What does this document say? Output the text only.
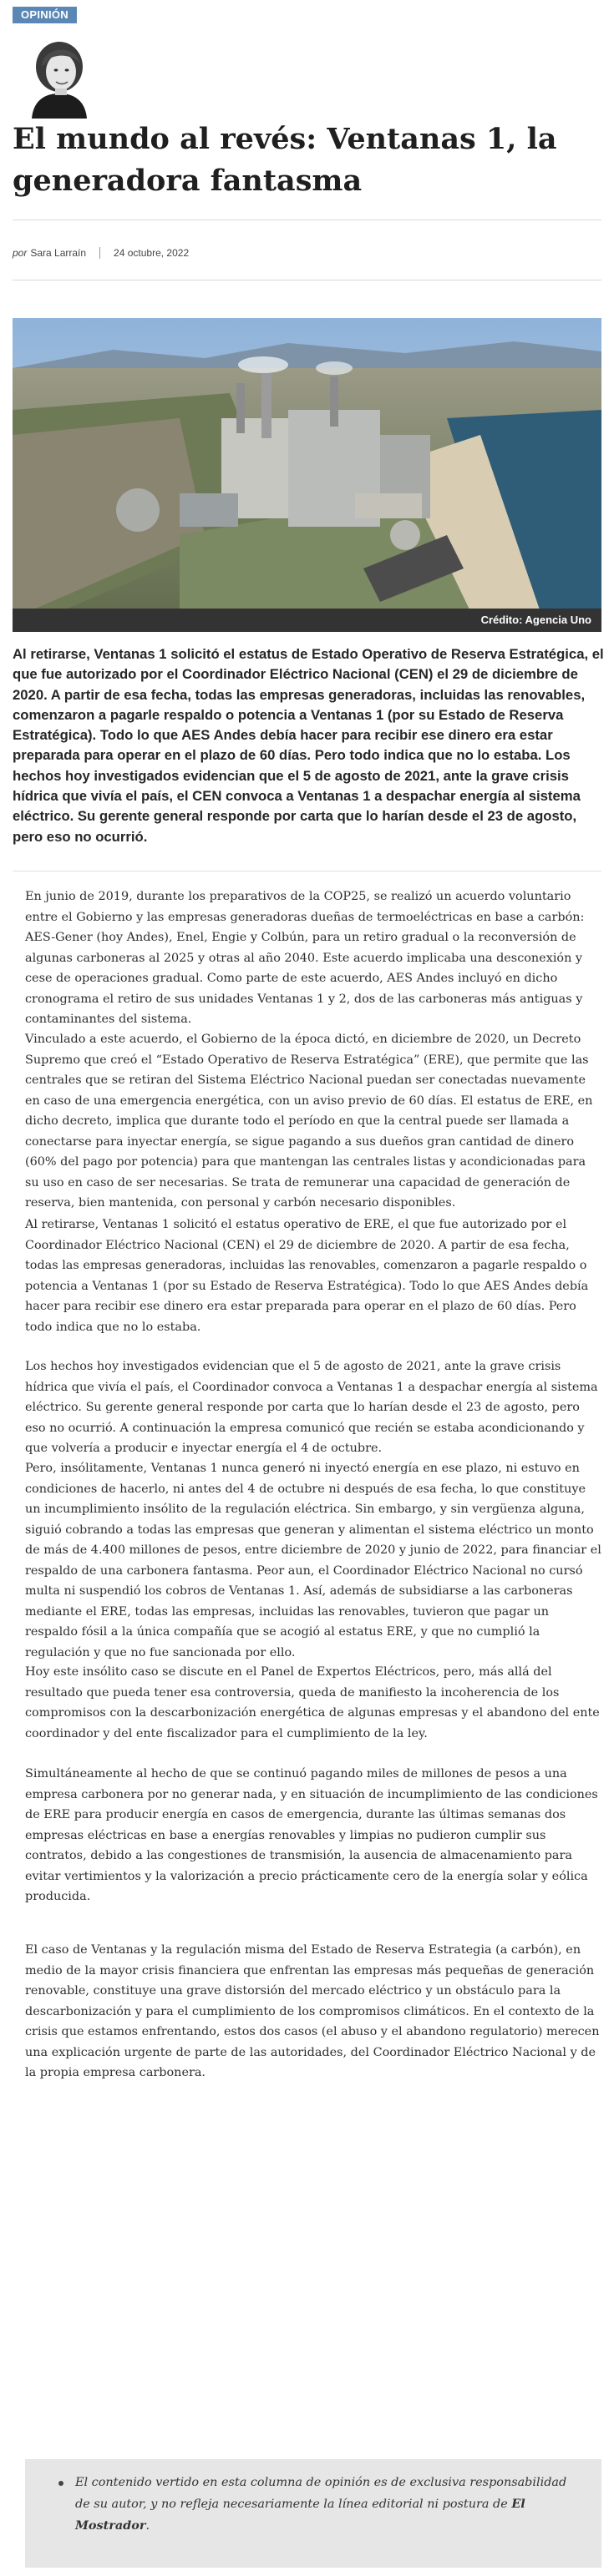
OPINIÓN
El mundo al revés: Ventanas 1, la generadora fantasma
por Sara Larraín	24 octubre, 2022
Crédito: Agencia Uno

Al retirarse, Ventanas 1 solicitó el estatus de Estado Operativo de Reserva Estratégica, el que fue autorizado por el Coordinador Eléctrico Nacional (CEN) el 29 de diciembre de 2020. A partir de esa fecha, todas las empresas generadoras, incluidas las renovables, comenzaron a pagarle respaldo o potencia a Ventanas 1 (por su Estado de Reserva Estratégica). Todo lo que AES Andes debía hacer para recibir ese dinero era estar preparada para operar en el plazo de 60 días. Pero todo indica que no lo estaba. Los hechos hoy investigados evidencian que el 5 de agosto de 2021, ante la grave crisis hídrica que vivía el país, el CEN convoca a Ventanas 1 a despachar energía al sistema eléctrico. Su gerente general responde por carta que lo harían desde el 23 de agosto, pero eso no ocurrió.

En junio de 2019, durante los preparativos de la COP25, se realizó un acuerdo voluntario entre el Gobierno y las empresas generadoras dueñas de termoeléctricas en base a carbón: AES-Gener (hoy Andes), Enel, Engie y Colbún, para un retiro gradual o la reconversión de algunas carboneras al 2025 y otras al año 2040. Este acuerdo implicaba una desconexión y cese de operaciones gradual. Como parte de este acuerdo, AES Andes incluyó en dicho cronograma el retiro de sus unidades Ventanas 1 y 2, dos de las carboneras más antiguas y contaminantes del sistema.

Vinculado a este acuerdo, el Gobierno de la época dictó, en diciembre de 2020, un Decreto Supremo que creó el “Estado Operativo de Reserva Estratégica” (ERE), que permite que las centrales que se retiran del Sistema Eléctrico Nacional puedan ser conectadas nuevamente en caso de una emergencia energética, con un aviso previo de 60 días. El estatus de ERE, en dicho decreto, implica que durante todo el período en que la central puede ser llamada a conectarse para inyectar energía, se sigue pagando a sus dueños gran cantidad de dinero (60% del pago por potencia) para que mantengan las centrales listas y acondicionadas para su uso en caso de ser necesarias. Se trata de remunerar una capacidad de generación de reserva, bien mantenida, con personal y carbón necesario disponibles.

Al retirarse, Ventanas 1 solicitó el estatus operativo de ERE, el que fue autorizado por el Coordinador Eléctrico Nacional (CEN) el 29 de diciembre de 2020. A partir de esa fecha, todas las empresas generadoras, incluidas las renovables, comenzaron a pagarle respaldo o potencia a Ventanas 1 (por su Estado de Reserva Estratégica). Todo lo que AES Andes debía hacer para recibir ese dinero era estar preparada para operar en el plazo de 60 días. Pero todo indica que no lo estaba.

Los hechos hoy investigados evidencian que el 5 de agosto de 2021, ante la grave crisis hídrica que vivía el país, el Coordinador convoca a Ventanas 1 a despachar energía al sistema eléctrico. Su gerente general responde por carta que lo harían desde el 23 de agosto, pero eso no ocurrió. A continuación la empresa comunicó que recién se estaba acondicionando y que volvería a producir e inyectar energía el 4 de octubre.

Pero, insólitamente, Ventanas 1 nunca generó ni inyectó energía en ese plazo, ni estuvo en condiciones de hacerlo, ni antes del 4 de octubre ni después de esa fecha, lo que constituye un incumplimiento insólito de la regulación eléctrica. Sin embargo, y sin vergüenza alguna, siguió cobrando a todas las empresas que generan y alimentan el sistema eléctrico un monto de más de 4.400 millones de pesos, entre diciembre de 2020 y junio de 2022, para financiar el respaldo de una carbonera fantasma. Peor aun, el Coordinador Eléctrico Nacional no cursó multa ni suspendió los cobros de Ventanas 1. Así, además de subsidiarse a las carboneras mediante el ERE, todas las empresas, incluidas las renovables, tuvieron que pagar un respaldo fósil a la única compañía que se acogió al estatus ERE, y que no cumplió la regulación y que no fue sancionada por ello.

Hoy este insólito caso se discute en el Panel de Expertos Eléctricos, pero, más allá del resultado que pueda tener esa controversia, queda de manifiesto la incoherencia de los compromisos con la descarbonización energética de algunas empresas y el abandono del ente coordinador y del ente fiscalizador para el cumplimiento de la ley.

Simultáneamente al hecho de que se continuó pagando miles de millones de pesos a una empresa carbonera por no generar nada, y en situación de incumplimiento de las condiciones de ERE para producir energía en casos de emergencia, durante las últimas semanas dos empresas eléctricas en base a energías renovables y limpias no pudieron cumplir sus contratos, debido a las congestiones de transmisión, la ausencia de almacenamiento para evitar vertimientos y la valorización a precio prácticamente cero de la energía solar y eólica producida.

El caso de Ventanas y la regulación misma del Estado de Reserva Estrategia (a carbón), en medio de la mayor crisis financiera que enfrentan las empresas más pequeñas de generación renovable, constituye una grave distorsión del mercado eléctrico y un obstáculo para la descarbonización y para el cumplimiento de los compromisos climáticos. En el contexto de la crisis que estamos enfrentando, estos dos casos (el abuso y el abandono regulatorio) merecen una explicación urgente de parte de las autoridades, del Coordinador Eléctrico Nacional y de la propia empresa carbonera.

El contenido vertido en esta columna de opinión es de exclusiva responsabilidad de su autor, y no refleja necesariamente la línea editorial ni postura de El Mostrador.
